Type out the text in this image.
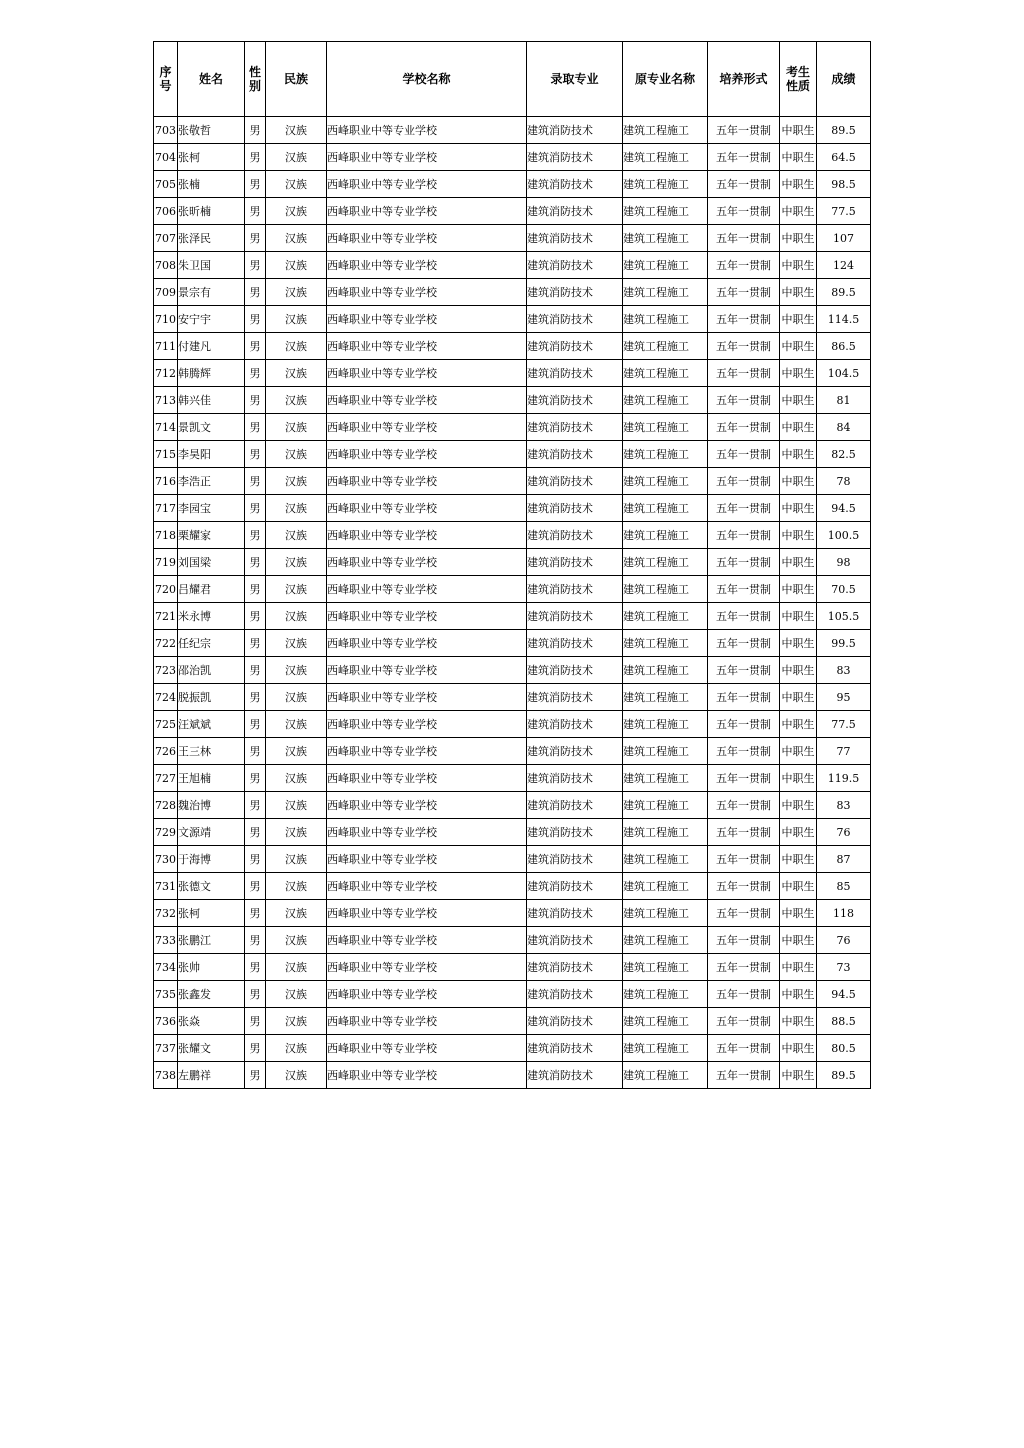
序号	姓名	性别	民族	学校名称	录取专业	原专业名称	培养形式	考生性质	成绩
703	张敬哲	男	汉族	西峰职业中等专业学校	建筑消防技术	建筑工程施工	五年一贯制	中职生	89.5
704	张柯	男	汉族	西峰职业中等专业学校	建筑消防技术	建筑工程施工	五年一贯制	中职生	64.5
705	张楠	男	汉族	西峰职业中等专业学校	建筑消防技术	建筑工程施工	五年一贯制	中职生	98.5
706	张昕楠	男	汉族	西峰职业中等专业学校	建筑消防技术	建筑工程施工	五年一贯制	中职生	77.5
707	张泽民	男	汉族	西峰职业中等专业学校	建筑消防技术	建筑工程施工	五年一贯制	中职生	107
708	朱卫国	男	汉族	西峰职业中等专业学校	建筑消防技术	建筑工程施工	五年一贯制	中职生	124
709	景宗有	男	汉族	西峰职业中等专业学校	建筑消防技术	建筑工程施工	五年一贯制	中职生	89.5
710	安宁宇	男	汉族	西峰职业中等专业学校	建筑消防技术	建筑工程施工	五年一贯制	中职生	114.5
711	付建凡	男	汉族	西峰职业中等专业学校	建筑消防技术	建筑工程施工	五年一贯制	中职生	86.5
712	韩腾辉	男	汉族	西峰职业中等专业学校	建筑消防技术	建筑工程施工	五年一贯制	中职生	104.5
713	韩兴佳	男	汉族	西峰职业中等专业学校	建筑消防技术	建筑工程施工	五年一贯制	中职生	81
714	景凯文	男	汉族	西峰职业中等专业学校	建筑消防技术	建筑工程施工	五年一贯制	中职生	84
715	李昊阳	男	汉族	西峰职业中等专业学校	建筑消防技术	建筑工程施工	五年一贯制	中职生	82.5
716	李浩正	男	汉族	西峰职业中等专业学校	建筑消防技术	建筑工程施工	五年一贯制	中职生	78
717	李园宝	男	汉族	西峰职业中等专业学校	建筑消防技术	建筑工程施工	五年一贯制	中职生	94.5
718	栗耀家	男	汉族	西峰职业中等专业学校	建筑消防技术	建筑工程施工	五年一贯制	中职生	100.5
719	刘国梁	男	汉族	西峰职业中等专业学校	建筑消防技术	建筑工程施工	五年一贯制	中职生	98
720	吕耀君	男	汉族	西峰职业中等专业学校	建筑消防技术	建筑工程施工	五年一贯制	中职生	70.5
721	米永博	男	汉族	西峰职业中等专业学校	建筑消防技术	建筑工程施工	五年一贯制	中职生	105.5
722	任纪宗	男	汉族	西峰职业中等专业学校	建筑消防技术	建筑工程施工	五年一贯制	中职生	99.5
723	邵治凯	男	汉族	西峰职业中等专业学校	建筑消防技术	建筑工程施工	五年一贯制	中职生	83
724	脱振凯	男	汉族	西峰职业中等专业学校	建筑消防技术	建筑工程施工	五年一贯制	中职生	95
725	汪斌斌	男	汉族	西峰职业中等专业学校	建筑消防技术	建筑工程施工	五年一贯制	中职生	77.5
726	王三林	男	汉族	西峰职业中等专业学校	建筑消防技术	建筑工程施工	五年一贯制	中职生	77
727	王旭楠	男	汉族	西峰职业中等专业学校	建筑消防技术	建筑工程施工	五年一贯制	中职生	119.5
728	魏治博	男	汉族	西峰职业中等专业学校	建筑消防技术	建筑工程施工	五年一贯制	中职生	83
729	文源靖	男	汉族	西峰职业中等专业学校	建筑消防技术	建筑工程施工	五年一贯制	中职生	76
730	于海博	男	汉族	西峰职业中等专业学校	建筑消防技术	建筑工程施工	五年一贯制	中职生	87
731	张德文	男	汉族	西峰职业中等专业学校	建筑消防技术	建筑工程施工	五年一贯制	中职生	85
732	张柯	男	汉族	西峰职业中等专业学校	建筑消防技术	建筑工程施工	五年一贯制	中职生	118
733	张鹏江	男	汉族	西峰职业中等专业学校	建筑消防技术	建筑工程施工	五年一贯制	中职生	76
734	张帅	男	汉族	西峰职业中等专业学校	建筑消防技术	建筑工程施工	五年一贯制	中职生	73
735	张鑫发	男	汉族	西峰职业中等专业学校	建筑消防技术	建筑工程施工	五年一贯制	中职生	94.5
736	张焱	男	汉族	西峰职业中等专业学校	建筑消防技术	建筑工程施工	五年一贯制	中职生	88.5
737	张耀文	男	汉族	西峰职业中等专业学校	建筑消防技术	建筑工程施工	五年一贯制	中职生	80.5
738	左鹏祥	男	汉族	西峰职业中等专业学校	建筑消防技术	建筑工程施工	五年一贯制	中职生	89.5
